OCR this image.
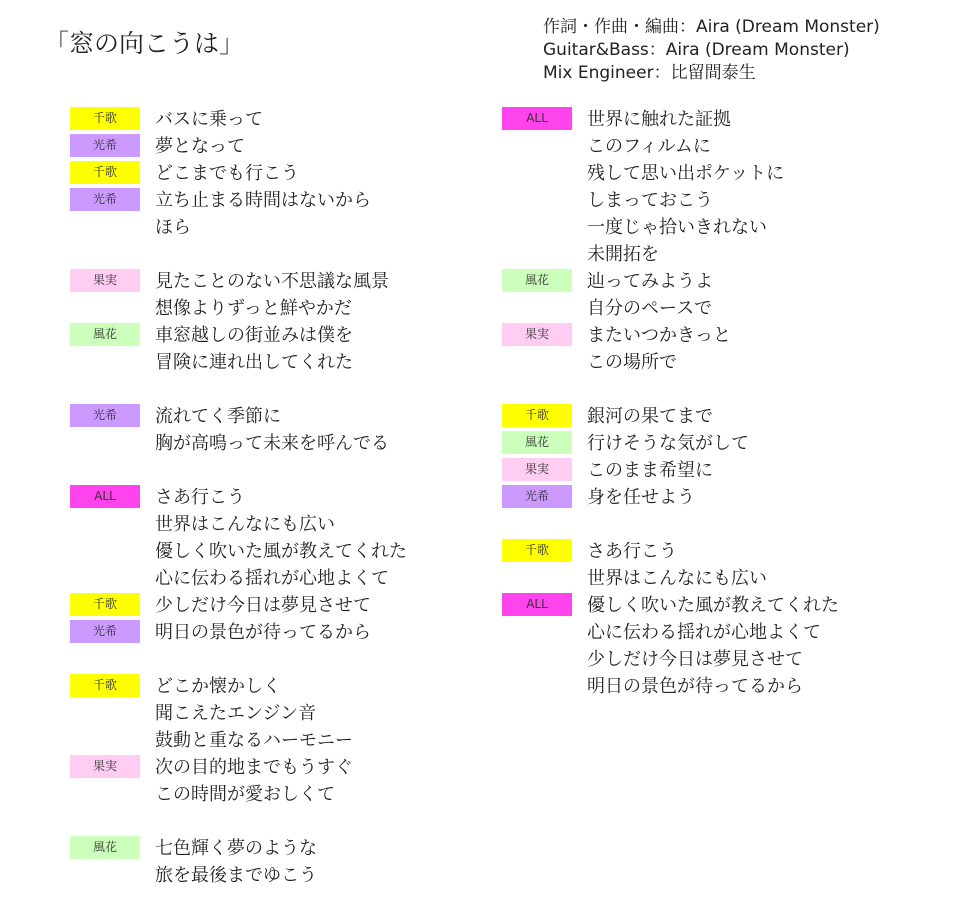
「窓の向こうは」
作詞・作曲・編曲：Aira (Dream Monster)
Guitar&Bass：Aira (Dream Monster)
Mix Engineer：比留間泰生
千歌	バスに乗って
光希	夢となって
千歌	どこまでも行こう
光希	立ち止まる時間はないから
ほら
果実	見たことのない不思議な風景
想像よりずっと鮮やかだ
風花	車窓越しの街並みは僕を
冒険に連れ出してくれた
光希	流れてく季節に
胸が高鳴って未来を呼んでる
ALL	さあ行こう
世界はこんなにも広い
優しく吹いた風が教えてくれた
心に伝わる揺れが心地よくて
千歌	少しだけ今日は夢見させて
光希	明日の景色が待ってるから
千歌	どこか懐かしく
聞こえたエンジン音
鼓動と重なるハーモニー
果実	次の目的地までもうすぐ
この時間が愛おしくて
風花	七色輝く夢のような
旅を最後までゆこう
ALL	世界に触れた証拠
このフィルムに
残して思い出ポケットに
しまっておこう
一度じゃ拾いきれない
未開拓を
風花	辿ってみようよ
自分のペースで
果実	またいつかきっと
この場所で
千歌	銀河の果てまで
風花	行けそうな気がして
果実	このまま希望に
光希	身を任せよう
千歌	さあ行こう
世界はこんなにも広い
ALL	優しく吹いた風が教えてくれた
心に伝わる揺れが心地よくて
少しだけ今日は夢見させて
明日の景色が待ってるから
